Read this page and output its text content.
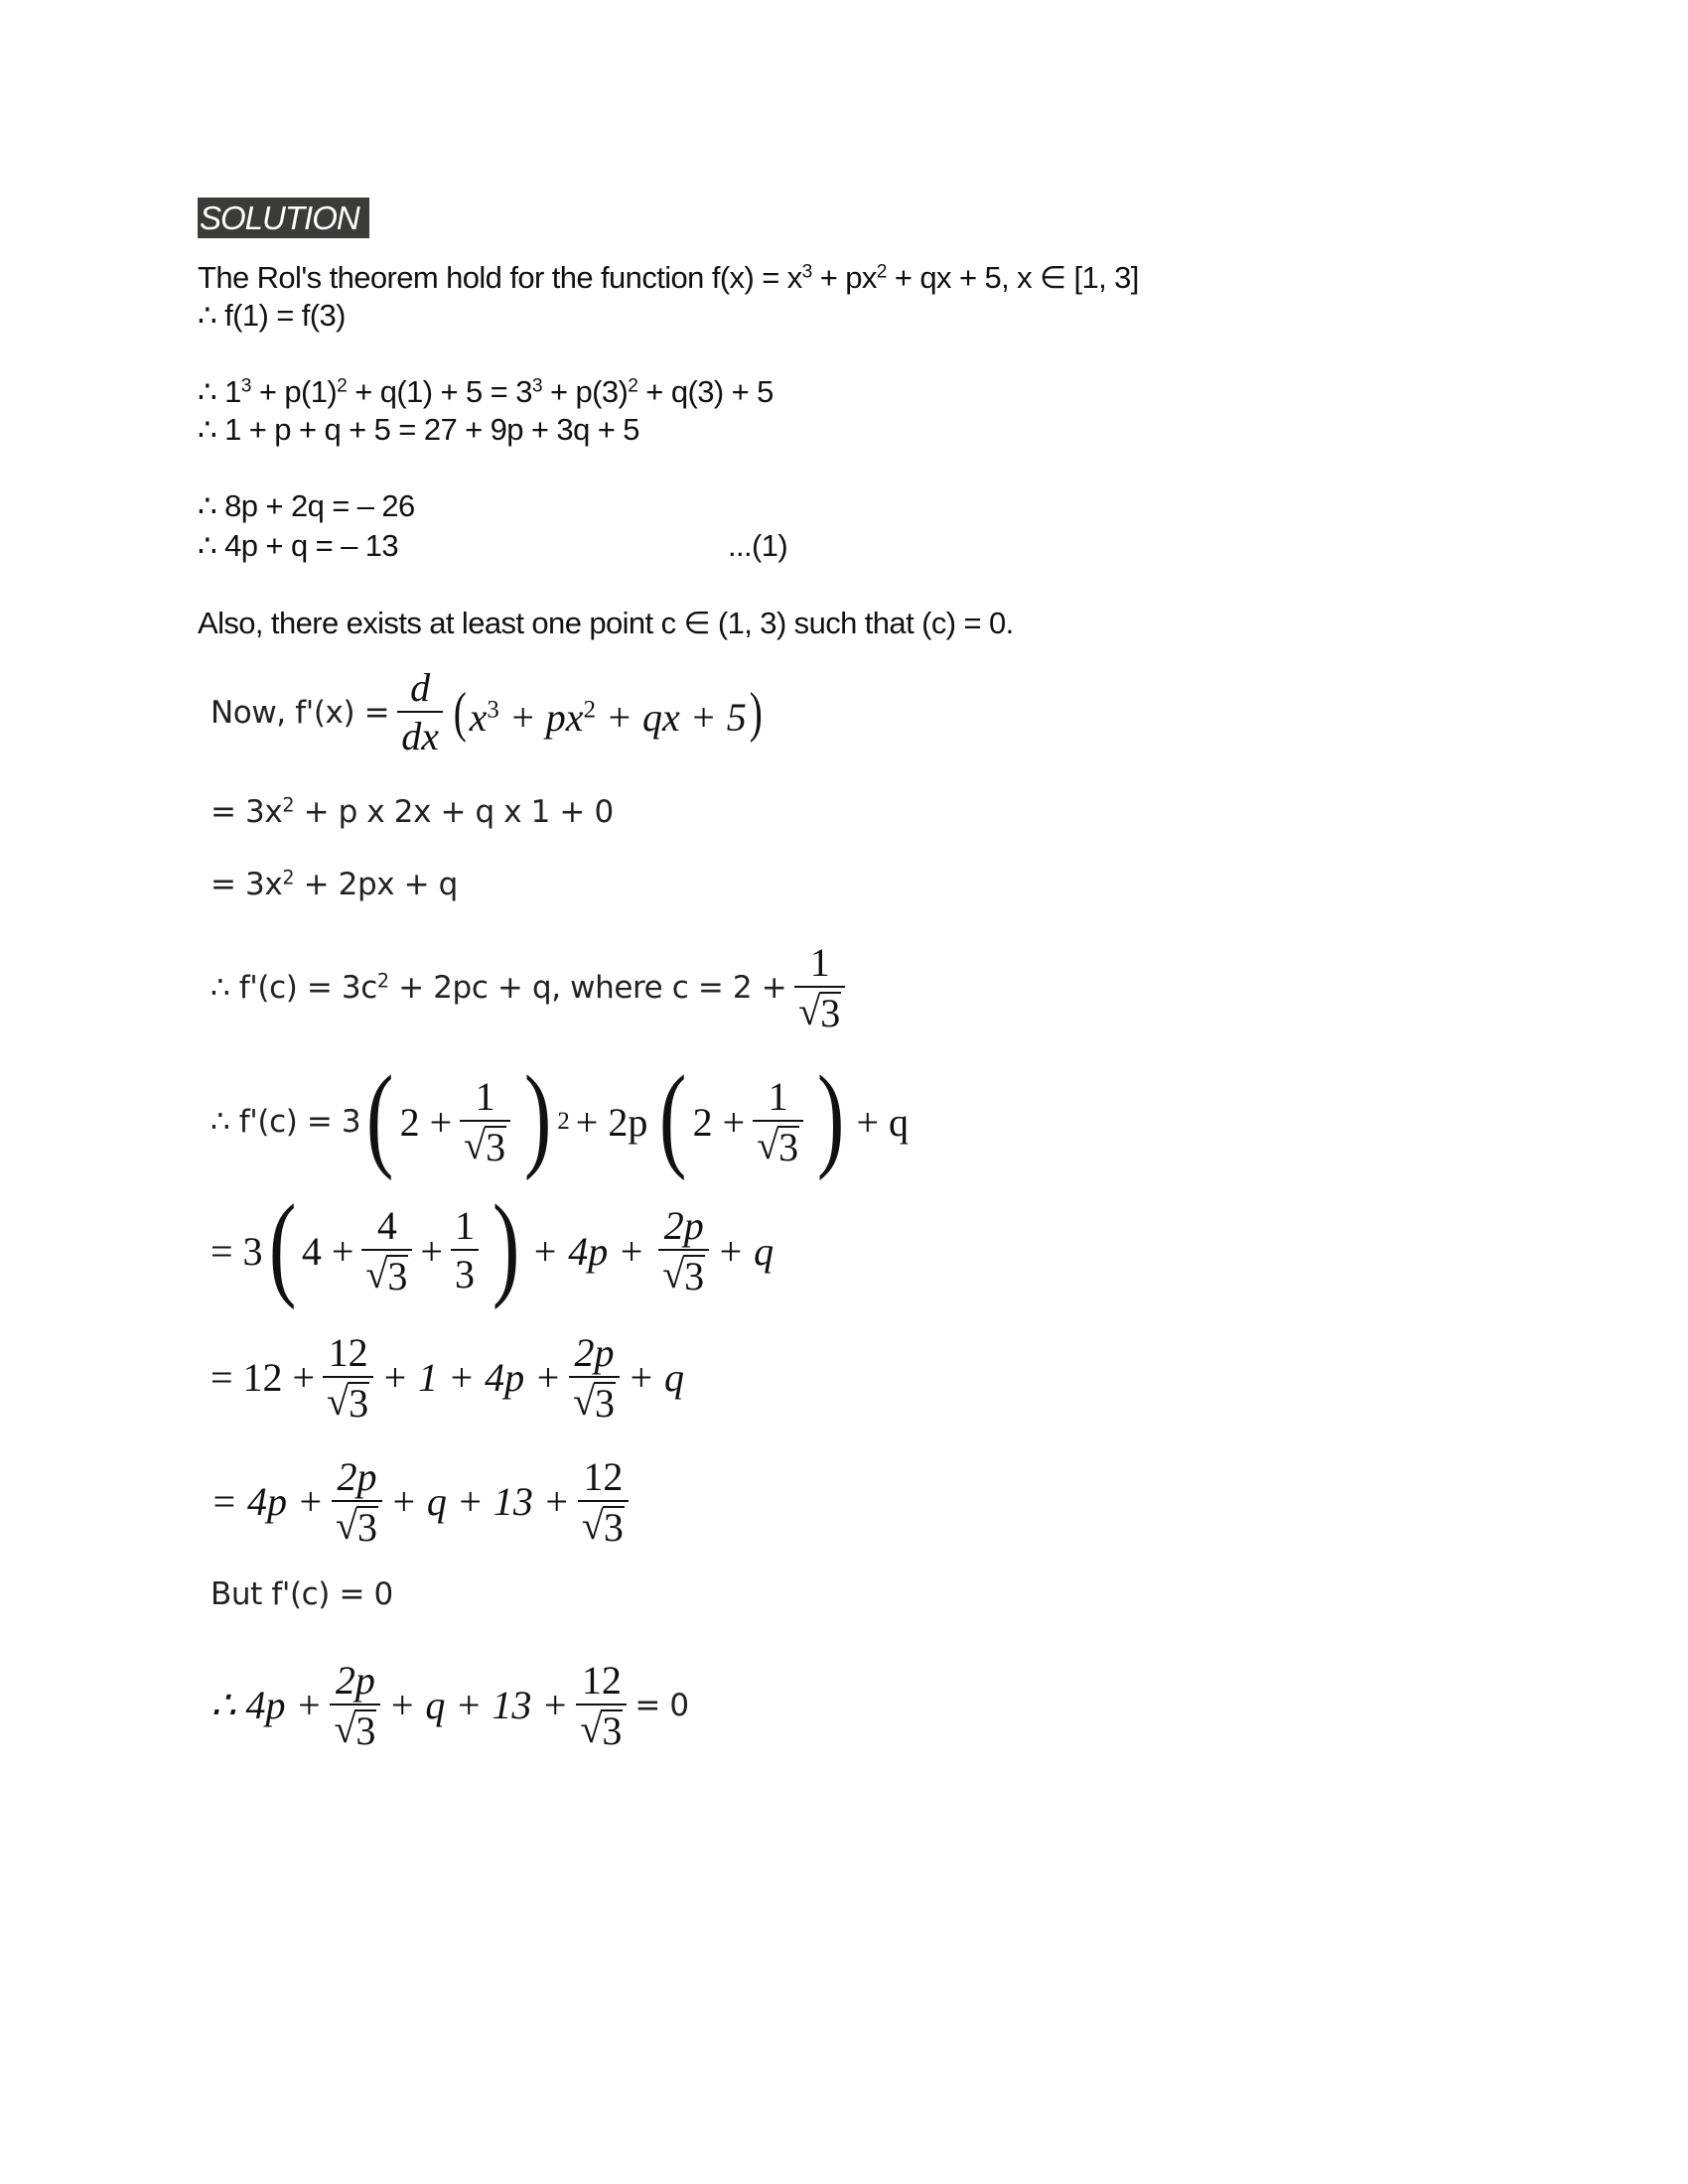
SOLUTION
The Rol's theorem hold for the function $f(x) = x^3 + px^2$ + qx + 5, x ∈ [1, 3]
∴ f(1) = f(3)
∴ $1^3 + p(1)^2 + q(1) + 5 = 3^3 + p(3)^2 + q(3) + 5$
∴ 1 + p + q + 5 = 27 + 9p + 3q + 5
∴ 8p + 2q = – 26
∴ 4p + q = – 13	...(1)
Also, there exists at least one point c ∈ (1, 3) such that (c) = 0.
Now, $f'(x) = \frac{d}{dx} (x^3 + px^2$ + qx + 5)
= $3x^2 + p$ x 2x + q x 1 + 0
= $3x^2 + 2px + q$
∴ $f'(c) = 3c^2 + 2pc + q$, where $c = 2 + \frac{1}{√ 3}$
∴ f'(c) = 3 ( $2 + \frac{1}{√ 3}$ ) 2 + 2p ( $2 + \frac{1}{√ 3}$ ) + q
= 3 ( $4 + \frac{4}{√ 3} + \frac{1}{3}$ ) + $4p + \frac{2p}{√ 3} + q$
= $12 + \frac{12}{√ 3} + 1 + 4p + \frac{2p}{√ 3} + q$
= $4p + \frac{2p}{√ 3} + q + 13 + \frac{12}{√ 3}$
But f'(c) = 0
∴ $4p + \frac{2p}{√ 3} + q + 13 + \frac{12}{√ 3} = 0$
